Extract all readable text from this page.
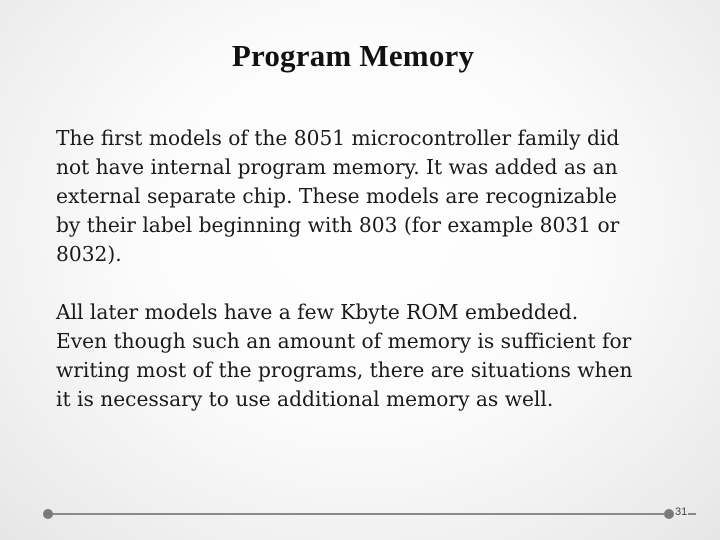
Program Memory

The first models of the 8051 microcontroller family did
not have internal program memory. It was added as an
external separate chip. These models are recognizable
by their label beginning with 803 (for example 8031 or
8032).

All later models have a few Kbyte ROM embedded.
Even though such an amount of memory is sufficient for
writing most of the programs, there are situations when
it is necessary to use additional memory as well.

31
